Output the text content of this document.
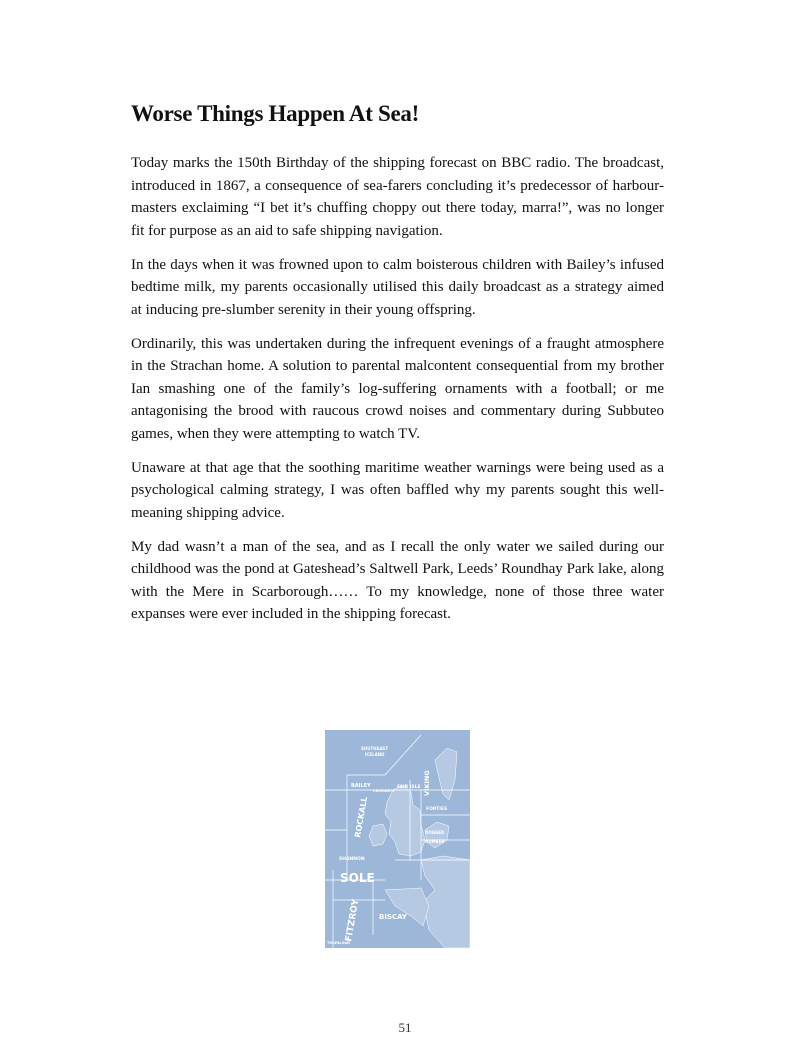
Worse Things Happen At Sea!

Today marks the 150th Birthday of the shipping forecast on BBC radio. The broadcast, introduced in 1867, a consequence of sea-farers concluding it’s predecessor of harbour-masters exclaiming “I bet it’s chuffing choppy out there today, marra!”, was no longer fit for purpose as an aid to safe shipping navigation.

In the days when it was frowned upon to calm boisterous children with Bailey’s infused bedtime milk, my parents occasionally utilised this daily broadcast as a strategy aimed at inducing pre-slumber serenity in their young offspring.

Ordinarily, this was undertaken during the infrequent evenings of a fraught atmosphere in the Strachan home. A solution to parental malcontent consequential from my brother Ian smashing one of the family’s log-suffering ornaments with a football; or me antagonising the brood with raucous crowd noises and commentary during Subbuteo games, when they were attempting to watch TV.

Unaware at that age that the soothing maritime weather warnings were being used as a psychological calming strategy, I was often baffled why my parents sought this well-meaning shipping advice.

My dad wasn’t a man of the sea, and as I recall the only water we sailed during our childhood was the pond at Gateshead’s Saltwell Park, Leeds’ Roundhay Park lake, along with the Mere in Scarborough…… To my knowledge, none of those three water expanses were ever included in the shipping forecast.

SOUTHEAST
ICELAND
BAILEY	FAIR ISLE VIKING
FORTIES
ROCKALL
CROMARTY
DOGGER
HUMBER
SHANNON
SOLE
FITZROY	BISCAY
TRAFALGAR
51
